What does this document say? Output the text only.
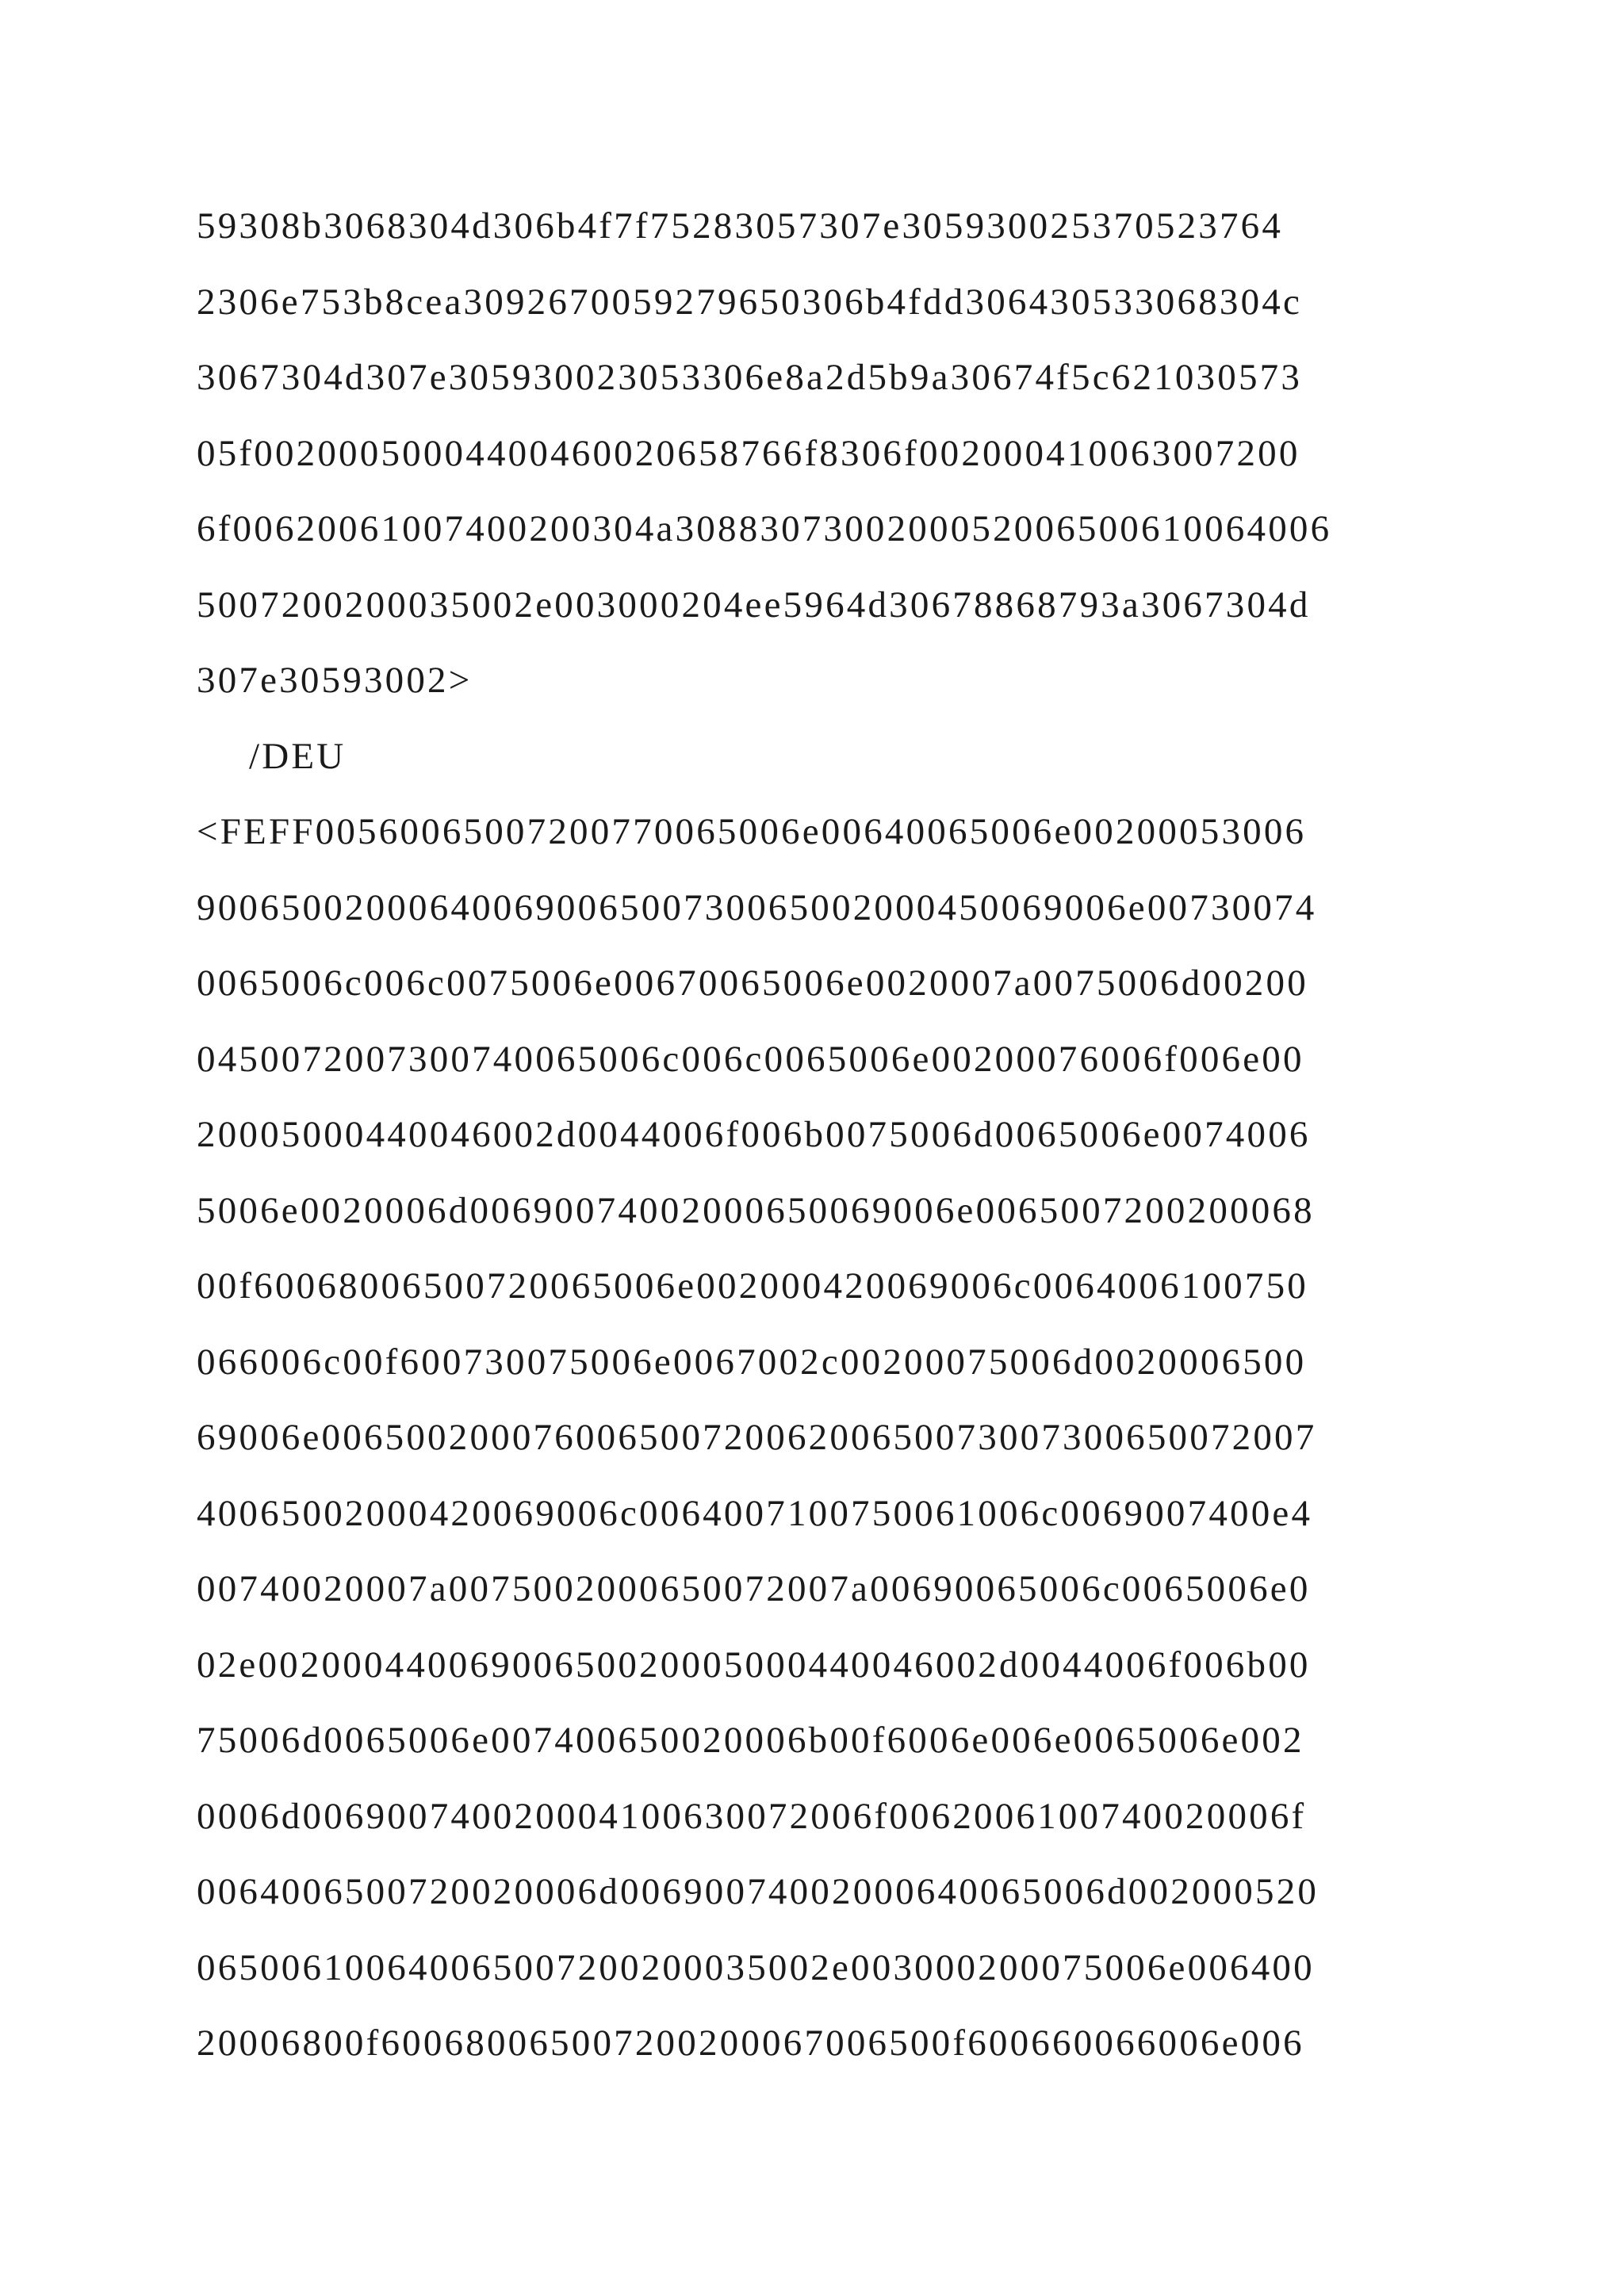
59308b3068304d306b4f7f75283057307e305930025370523764
2306e753b8cea3092670059279650306b4fdd306430533068304c
3067304d307e305930023053306e8a2d5b9a30674f5c621030573
05f00200050004400460020658766f8306f002000410063007200
6f00620061007400200304a3088307300200052006500610064006
5007200200035002e003000204ee5964d30678868793a3067304d
307e30593002>
/DEU
<FEFF00560065007200770065006e00640065006e00200053006
90065002000640069006500730065002000450069006e00730074
0065006c006c0075006e00670065006e0020007a0075006d00200
0450072007300740065006c006c0065006e00200076006f006e00
20005000440046002d0044006f006b0075006d0065006e0074006
5006e0020006d00690074002000650069006e0065007200200068
00f60068006500720065006e002000420069006c0064006100750
066006c00f600730075006e0067002c00200075006d0020006500
69006e00650020007600650072006200650073007300650072007
40065002000420069006c0064007100750061006c0069007400e4
00740020007a0075002000650072007a00690065006c0065006e0
02e00200044006900650020005000440046002d0044006f006b00
75006d0065006e007400650020006b00f6006e006e0065006e002
0006d006900740020004100630072006f0062006100740020006f
0064006500720020006d00690074002000640065006d002000520
065006100640065007200200035002e003000200075006e006400
20006800f600680065007200200067006500f600660066006e006
